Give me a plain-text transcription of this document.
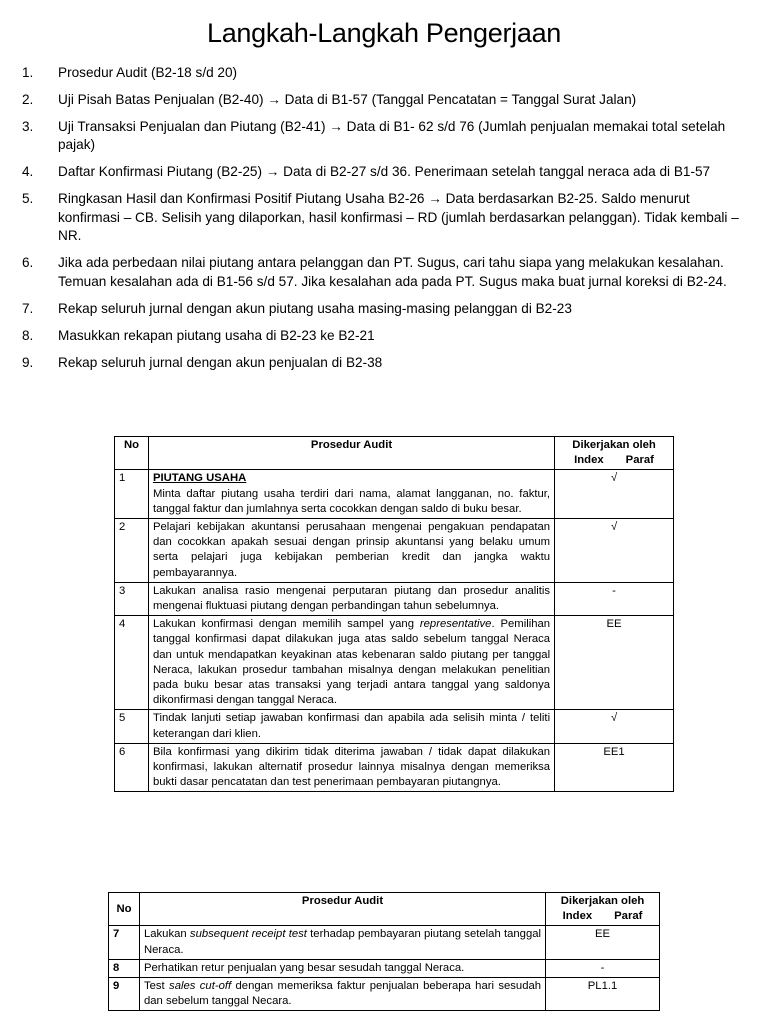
Langkah-Langkah Pengerjaan
1. Prosedur Audit (B2-18 s/d 20)
2. Uji Pisah Batas Penjualan (B2-40) → Data di B1-57 (Tanggal Pencatatan = Tanggal Surat Jalan)
3. Uji Transaksi Penjualan dan Piutang (B2-41) → Data di B1- 62 s/d 76 (Jumlah penjualan memakai total setelah pajak)
4. Daftar Konfirmasi Piutang (B2-25) → Data di B2-27 s/d 36. Penerimaan setelah tanggal neraca ada di B1-57
5. Ringkasan Hasil dan Konfirmasi Positif Piutang Usaha B2-26 → Data berdasarkan B2-25. Saldo menurut konfirmasi – CB. Selisih yang dilaporkan, hasil konfirmasi – RD (jumlah berdasarkan pelanggan). Tidak kembali – NR.
6. Jika ada perbedaan nilai piutang antara pelanggan dan PT. Sugus, cari tahu siapa yang melakukan kesalahan. Temuan kesalahan ada di B1-56 s/d 57. Jika kesalahan ada pada PT. Sugus maka buat jurnal koreksi di B2-24.
7. Rekap seluruh jurnal dengan akun piutang usaha masing-masing pelanggan di B2-23
8. Masukkan rekapan piutang usaha di B2-23 ke B2-21
9. Rekap seluruh jurnal dengan akun penjualan di B2-38
No	Prosedur Audit	Dikerjakan oleh
Index Paraf

1	PIUTANG USAHA
Minta daftar piutang usaha terdiri dari nama, alamat langganan, no. faktur, tanggal faktur dan jumlahnya serta cocokkan dengan saldo di buku besar.	√
2	Pelajari kebijakan akuntansi perusahaan mengenai pengakuan pendapatan dan cocokkan apakah sesuai dengan prinsip akuntansi yang belaku umum serta pelajari juga kebijakan pemberian kredit dan jangka waktu pembayarannya.	√
3	Lakukan analisa rasio mengenai perputaran piutang dan prosedur analitis mengenai fluktuasi piutang dengan perbandingan tahun sebelumnya.	-
4	Lakukan konfirmasi dengan memilih sampel yang representative. Pemilihan tanggal konfirmasi dapat dilakukan juga atas saldo sebelum tanggal Neraca dan untuk mendapatkan keyakinan atas kebenaran saldo piutang per tanggal Neraca, lakukan prosedur tambahan misalnya dengan melakukan penelitian pada buku besar atas transaksi yang terjadi antara tanggal yang saldonya dikonfirmasi dengan tanggal Neraca.	EE
5	Tindak lanjuti setiap jawaban konfirmasi dan apabila ada selisih minta / teliti keterangan dari klien.	√
6	Bila konfirmasi yang dikirim tidak diterima jawaban / tidak dapat dilakukan konfirmasi, lakukan alternatif prosedur lainnya misalnya dengan memeriksa bukti dasar pencatatan dan test penerimaan pembayaran piutangnya.	EE1
No	Prosedur Audit	Dikerjakan oleh
Index Paraf

7	Lakukan subsequent receipt test terhadap pembayaran piutang setelah tanggal Neraca.	EE
8	Perhatikan retur penjualan yang besar sesudah tanggal Neraca.	-
9	Test sales cut-off dengan memeriksa faktur penjualan beberapa hari sesudah dan sebelum tanggal Necara.	PL1.1
